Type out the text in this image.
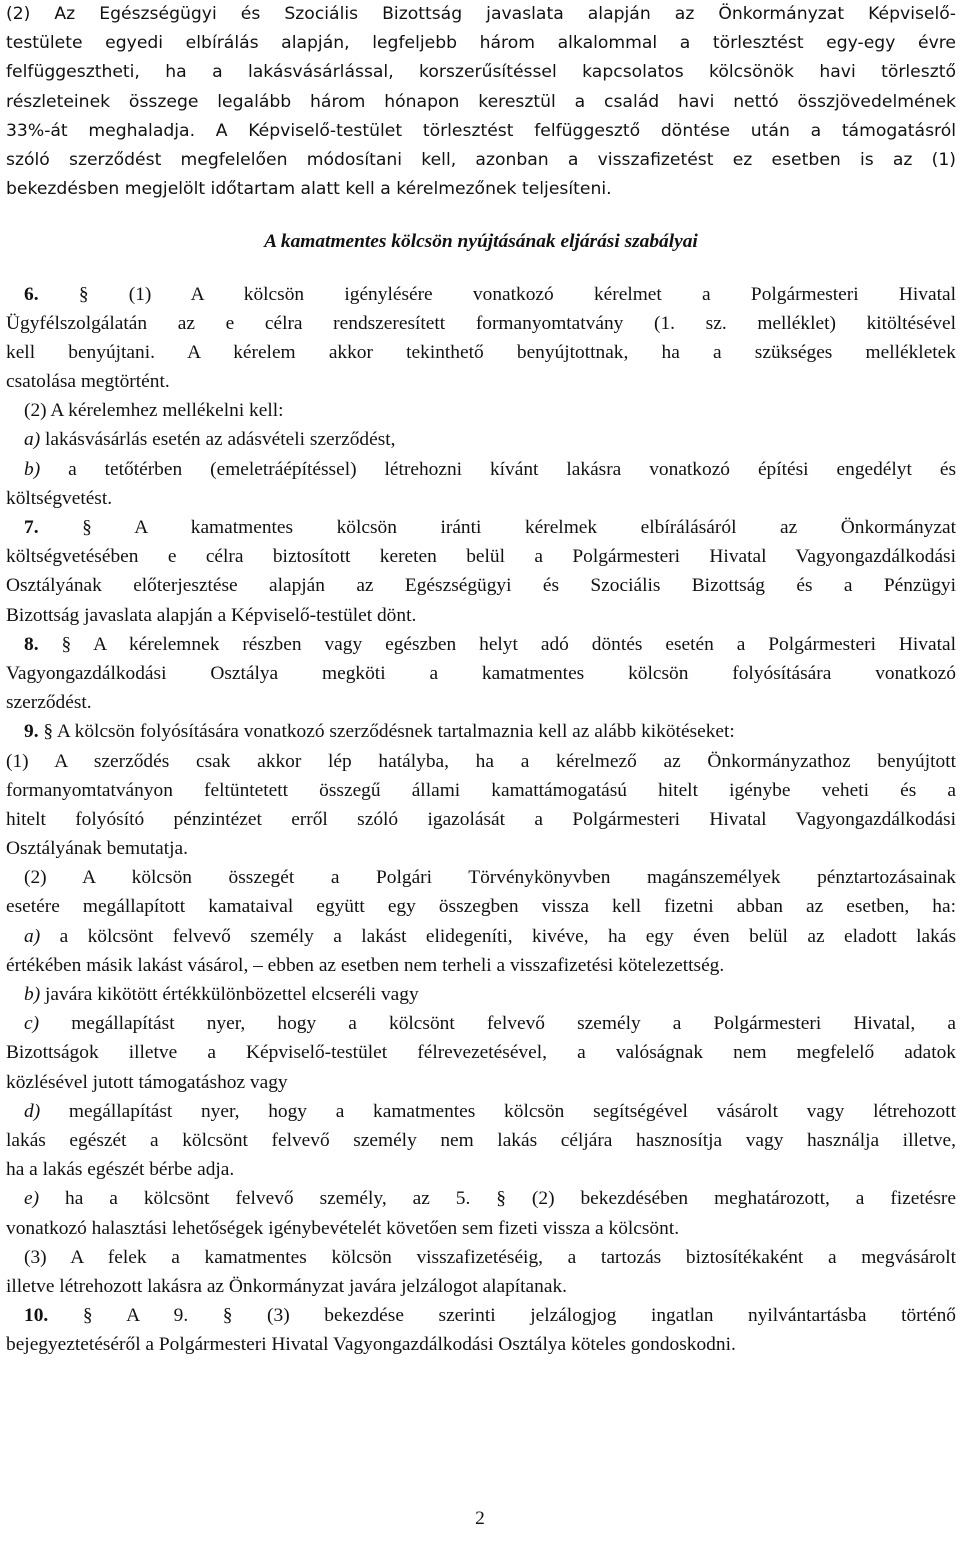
(2) Az Egészségügyi és Szociális Bizottság javaslata alapján az Önkormányzat Képviselő-
testülete egyedi elbírálás alapján, legfeljebb három alkalommal a törlesztést egy-egy évre
felfüggesztheti, ha a lakásvásárlással, korszerűsítéssel kapcsolatos kölcsönök havi törlesztő
részleteinek összege legalább három hónapon keresztül a család havi nettó összjövedelmének
33%-át meghaladja. A Képviselő-testület törlesztést felfüggesztő döntése után a támogatásról
szóló szerződést megfelelően módosítani kell, azonban a visszafizetést ez esetben is az (1)
bekezdésben megjelölt időtartam alatt kell a kérelmezőnek teljesíteni.
A kamatmentes kölcsön nyújtásának eljárási szabályai
6. § (1) A kölcsön igénylésére vonatkozó kérelmet a Polgármesteri Hivatal
Ügyfélszolgálatán az e célra rendszeresített formanyomtatvány (1. sz. melléklet) kitöltésével
kell benyújtani. A kérelem akkor tekinthető benyújtottnak, ha a szükséges mellékletek
csatolása megtörtént.
(2) A kérelemhez mellékelni kell:
a) lakásvásárlás esetén az adásvételi szerződést,
b) a tetőtérben (emeletráépítéssel) létrehozni kívánt lakásra vonatkozó építési engedélyt és
költségvetést.
7. § A kamatmentes kölcsön iránti kérelmek elbírálásáról az Önkormányzat
költségvetésében e célra biztosított kereten belül a Polgármesteri Hivatal Vagyongazdálkodási
Osztályának előterjesztése alapján az Egészségügyi és Szociális Bizottság és a Pénzügyi
Bizottság javaslata alapján a Képviselő-testület dönt.
8. § A kérelemnek részben vagy egészben helyt adó döntés esetén a Polgármesteri Hivatal
Vagyongazdálkodási Osztálya megköti a kamatmentes kölcsön folyósítására vonatkozó
szerződést.
9. § A kölcsön folyósítására vonatkozó szerződésnek tartalmaznia kell az alább kikötéseket:
(1) A szerződés csak akkor lép hatályba, ha a kérelmező az Önkormányzathoz benyújtott
formanyomtatványon feltüntetett összegű állami kamattámogatású hitelt igénybe veheti és a
hitelt folyósító pénzintézet erről szóló igazolását a Polgármesteri Hivatal Vagyongazdálkodási
Osztályának bemutatja.
(2) A kölcsön összegét a Polgári Törvénykönyvben magánszemélyek pénztartozásainak
esetére megállapított kamataival együtt egy összegben vissza kell fizetni abban az esetben, ha:
a) a kölcsönt felvevő személy a lakást elidegeníti, kivéve, ha egy éven belül az eladott lakás
értékében másik lakást vásárol, – ebben az esetben nem terheli a visszafizetési kötelezettség.
b) javára kikötött értékkülönbözettel elcseréli vagy
c) megállapítást nyer, hogy a kölcsönt felvevő személy a Polgármesteri Hivatal, a
Bizottságok illetve a Képviselő-testület félrevezetésével, a valóságnak nem megfelelő adatok
közlésével jutott támogatáshoz vagy
d) megállapítást nyer, hogy a kamatmentes kölcsön segítségével vásárolt vagy létrehozott
lakás egészét a kölcsönt felvevő személy nem lakás céljára hasznosítja vagy használja illetve,
ha a lakás egészét bérbe adja.
e) ha a kölcsönt felvevő személy, az 5. § (2) bekezdésében meghatározott, a fizetésre
vonatkozó halasztási lehetőségek igénybevételét követően sem fizeti vissza a kölcsönt.
(3) A felek a kamatmentes kölcsön visszafizetéséig, a tartozás biztosítékaként a megvásárolt
illetve létrehozott lakásra az Önkormányzat javára jelzálogot alapítanak.
10. § A 9. § (3) bekezdése szerinti jelzálogjog ingatlan nyilvántartásba történő
bejegyeztetéséről a Polgármesteri Hivatal Vagyongazdálkodási Osztálya köteles gondoskodni.
2
